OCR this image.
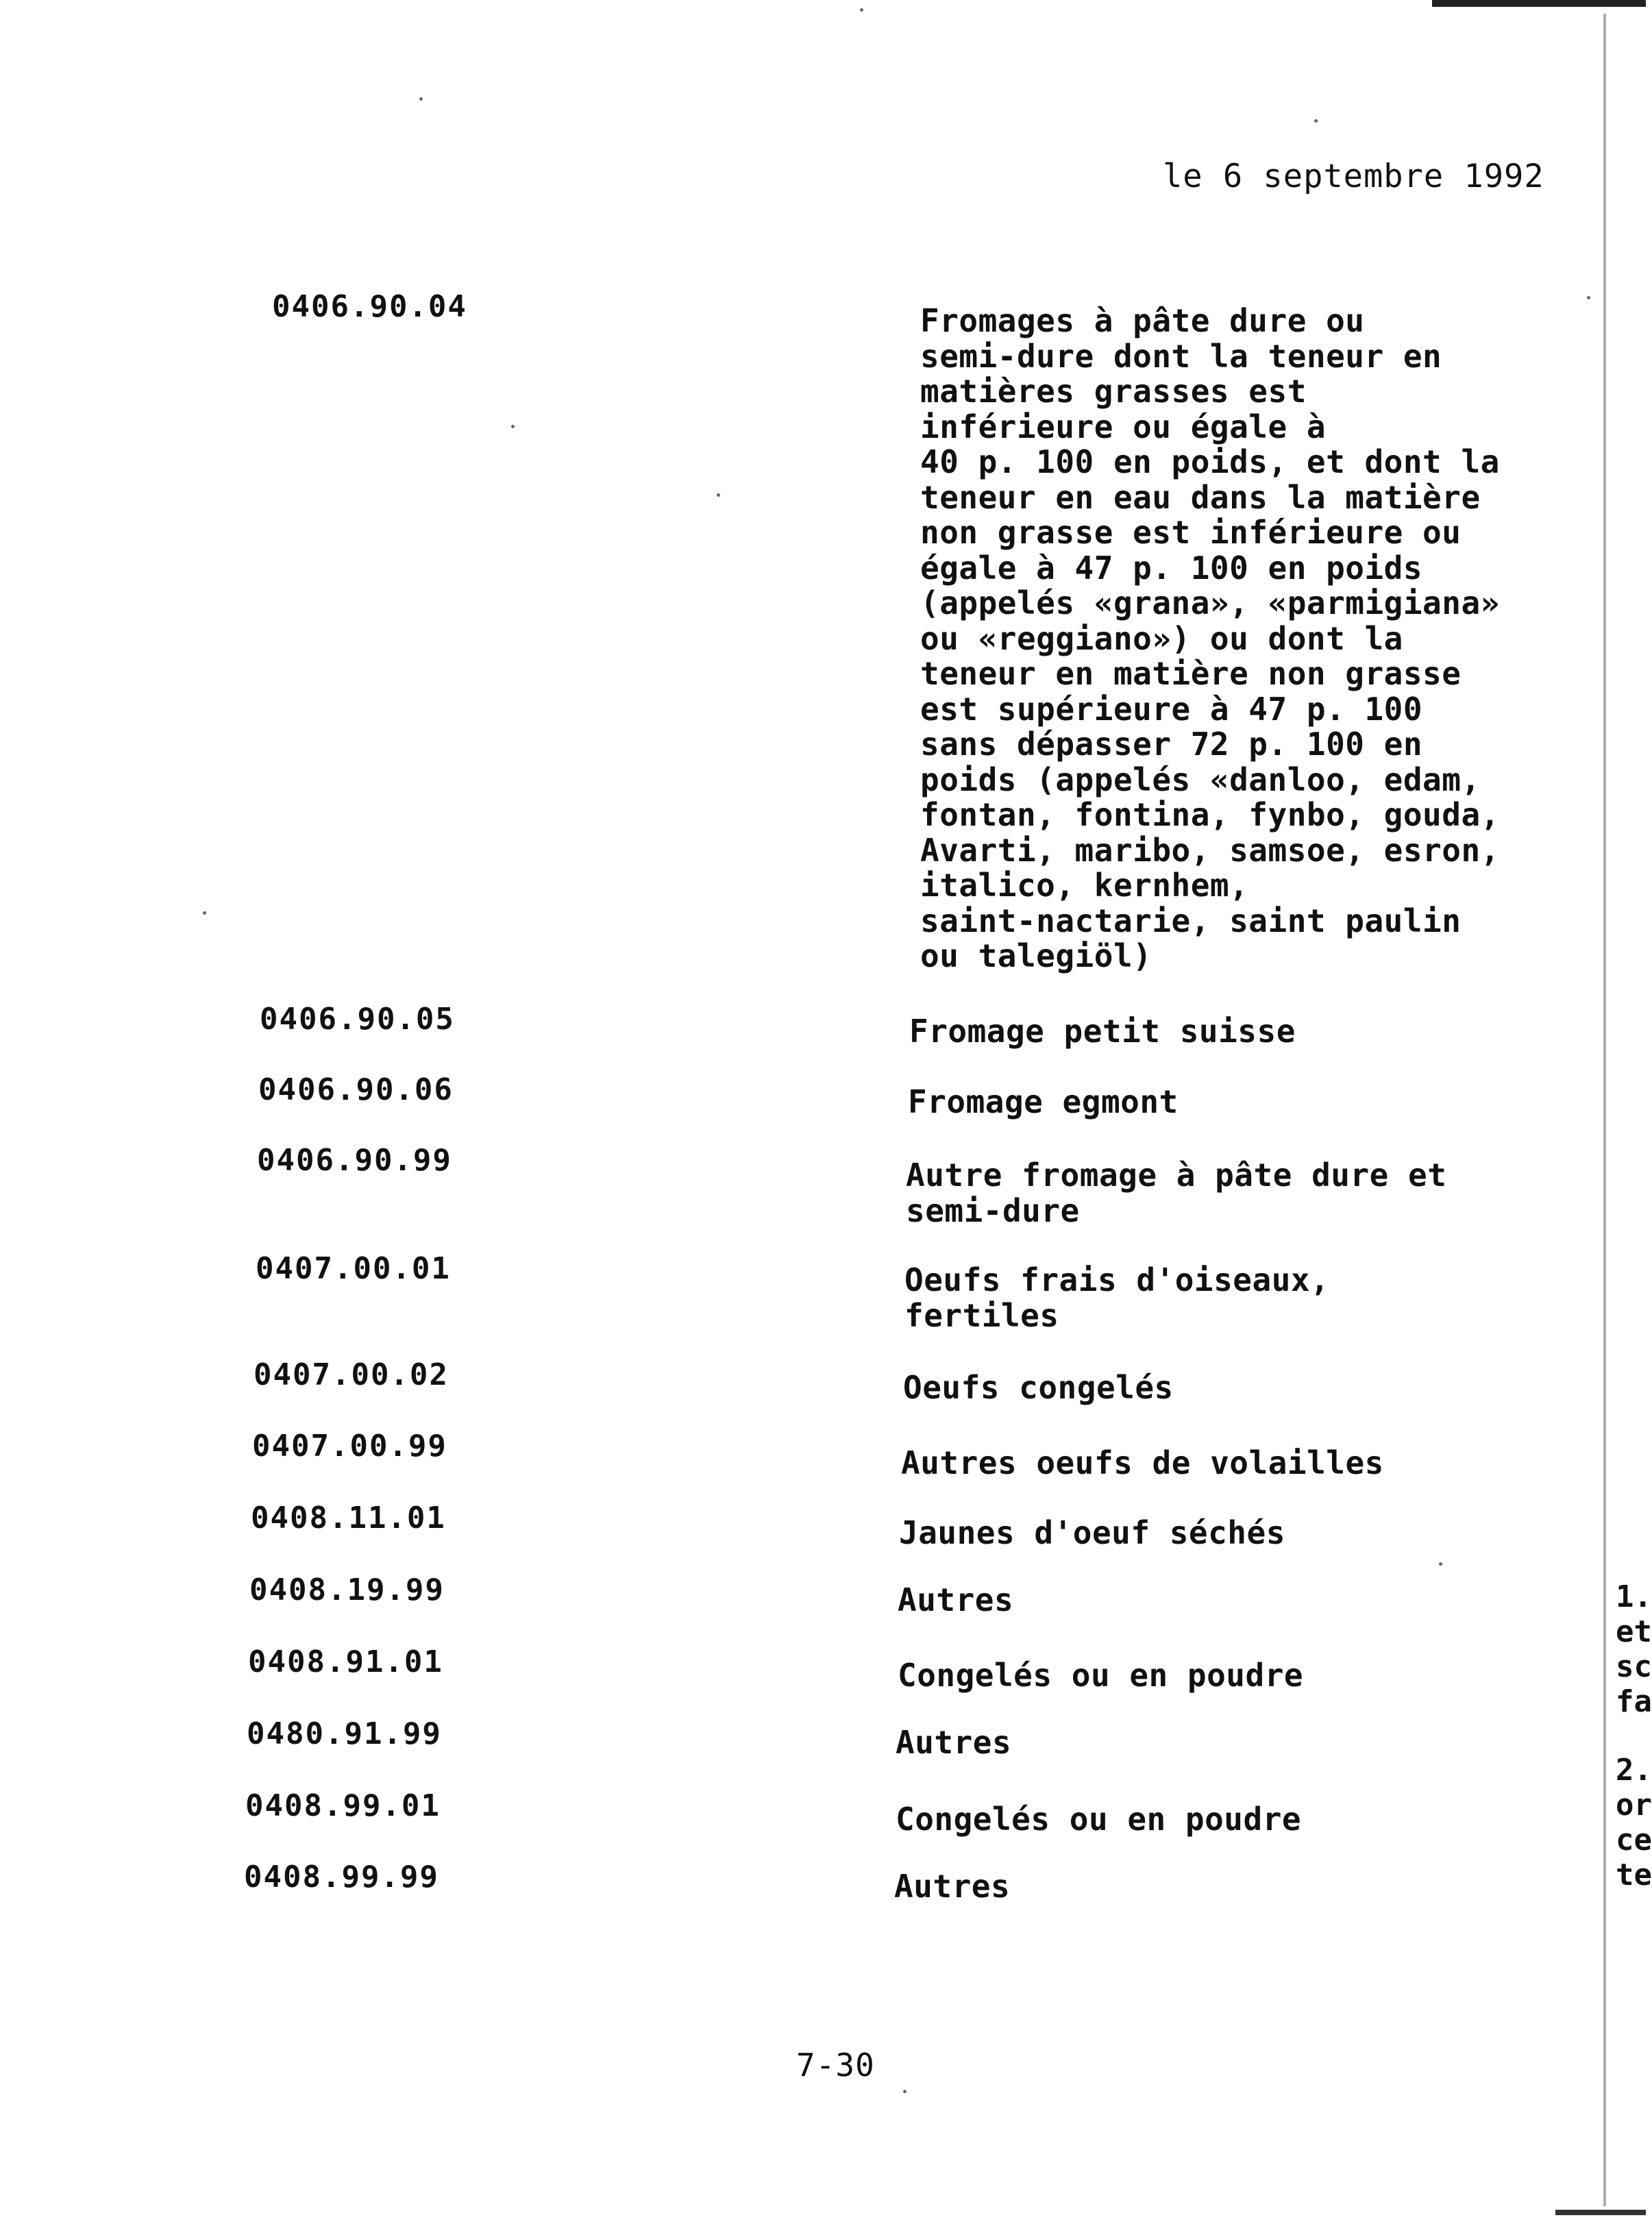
le 6 septembre 1992
0406.90.04	Fromages à pâte dure ou
semi-dure dont la teneur en
matières grasses est
inférieure ou égale à
40 p. 100 en poids, et dont la
teneur en eau dans la matière
non grasse est inférieure ou
égale à 47 p. 100 en poids
(appelés «grana», «parmigiana»
ou «reggiano») ou dont la
teneur en matière non grasse
est supérieure à 47 p. 100
sans dépasser 72 p. 100 en
poids (appelés «danloo, edam,
fontan, fontina, fynbo, gouda,
Avarti, maribo, samsoe, esron,
italico, kernhem,
saint-nactarie, saint paulin
ou talegiöl)
0406.90.05	Fromage petit suisse
0406.90.06	Fromage egmont
0406.90.99	Autre fromage à pâte dure et
semi-dure
0407.00.01	Oeufs frais d'oiseaux,
fertiles
0407.00.02	Oeufs congelés
0407.00.99	Autres oeufs de volailles
0408.11.01	Jaunes d'oeuf séchés
0408.19.99	Autres
0408.91.01	Congelés ou en poudre
0480.91.99	Autres
0408.99.01	Congelés ou en poudre
0408.99.99	Autres
1.
et
sc
fa
2.
or
ce
te
7-30
